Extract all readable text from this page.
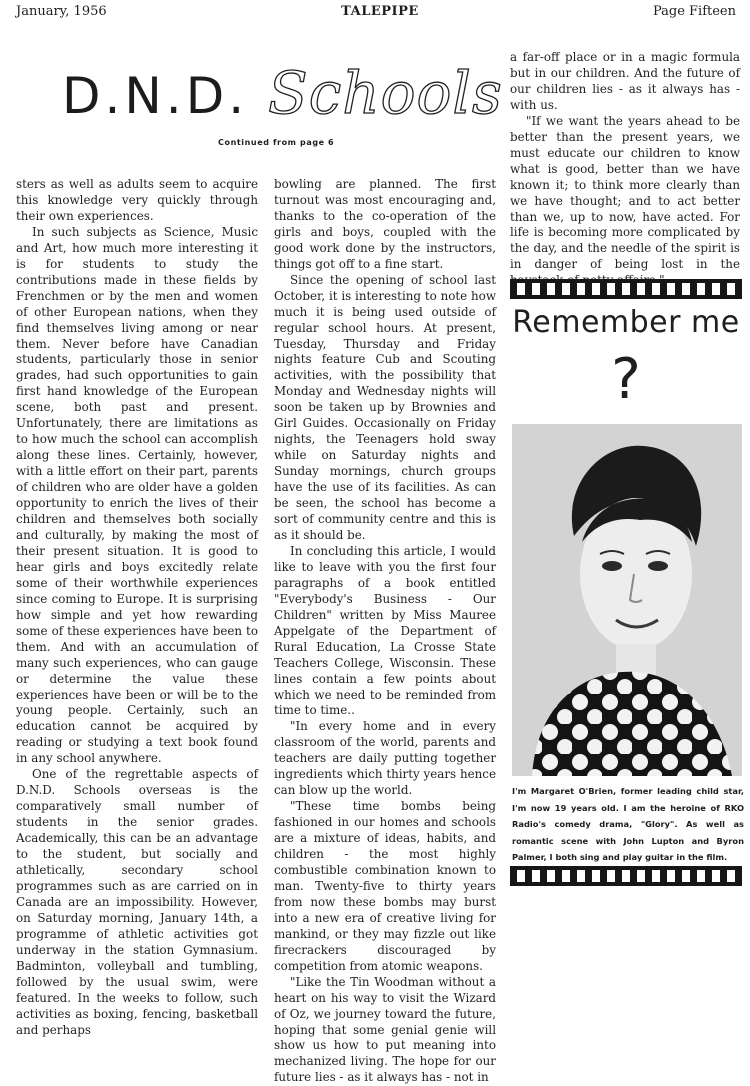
January, 1956	TALEPIPE	Page Fifteen
D.N.D. Schools
Continued from page 6

sters as well as adults seem to acquire this knowledge very quickly through their own experiences.

In such subjects as Science, Music and Art, how much more interesting it is for students to study the contributions made in these fields by Frenchmen or by the men and women of other European nations, when they find themselves living among or near them. Never before have Canadian students, particularly those in senior grades, had such opportunities to gain first hand knowledge of the European scene, both past and present. Unfortunately, there are limitations as to how much the school can accomplish along these lines. Certainly, however, with a little effort on their part, parents of children who are older have a golden opportunity to enrich the lives of their children and themselves both socially and culturally, by making the most of their present situation. It is good to hear girls and boys excitedly relate some of their worthwhile experiences since coming to Europe. It is surprising how simple and yet how rewarding some of these experiences have been to them. And with an accumulation of many such experiences, who can gauge or determine the value these experiences have been or will be to the young people. Certainly, such an education cannot be acquired by reading or studying a text book found in any school anywhere.

One of the regrettable aspects of D.N.D. Schools overseas is the comparatively small number of students in the senior grades. Academically, this can be an advantage to the student, but socially and athletically, secondary school programmes such as are carried on in Canada are an impossibility. However, on Saturday morning, January 14th, a programme of athletic activities got underway in the station Gymnasium. Badminton, volleyball and tumbling, followed by the usual swim, were featured. In the weeks to follow, such activities as boxing, fencing, basketball and perhaps

bowling are planned. The first turnout was most encouraging and, thanks to the co-operation of the girls and boys, coupled with the good work done by the instructors, things got off to a fine start.

Since the opening of school last October, it is interesting to note how much it is being used outside of regular school hours. At present, Tuesday, Thursday and Friday nights feature Cub and Scouting activities, with the possibility that Monday and Wednesday nights will soon be taken up by Brownies and Girl Guides. Occasionally on Friday nights, the Teenagers hold sway while on Saturday nights and Sunday mornings, church groups have the use of its facilities. As can be seen, the school has become a sort of community centre and this is as it should be.

In concluding this article, I would like to leave with you the first four paragraphs of a book entitled "Everybody's Business - Our Children" written by Miss Mauree Appelgate of the Department of Rural Education, La Crosse State Teachers College, Wisconsin. These lines contain a few points about which we need to be reminded from time to time..

"In every home and in every classroom of the world, parents and teachers are daily putting together ingredients which thirty years hence can blow up the world.

"These time bombs being fashioned in our homes and schools are a mixture of ideas, habits, and children - the most highly combustible combination known to man. Twenty-five to thirty years from now these bombs may burst into a new era of creative living for mankind, or they may fizzle out like firecrackers discouraged by competition from atomic weapons.

"Like the Tin Woodman without a heart on his way to visit the Wizard of Oz, we journey toward the future, hoping that some genial genie will show us how to put meaning into mechanized living. The hope for our future lies - as it always has - not in

a far-off place or in a magic formula but in our children. And the future of our children lies - as it always has - with us.

"If we want the years ahead to be better than the present years, we must educate our children to know what is good, better than we have known it; to think more clearly than we have thought; and to act better than we, up to now, have acted. For life is becoming more complicated by the day, and the needle of the spirit is in danger of being lost in the

Remember me
?
I'm Margaret O'Brien, former leading child star, I'm now 19 years old. I am the heroine of RKO Radio's comedy drama, "Glory". As well as romantic scene with John Lupton and Byron Palmer, I both sing and play guitar in the film.
